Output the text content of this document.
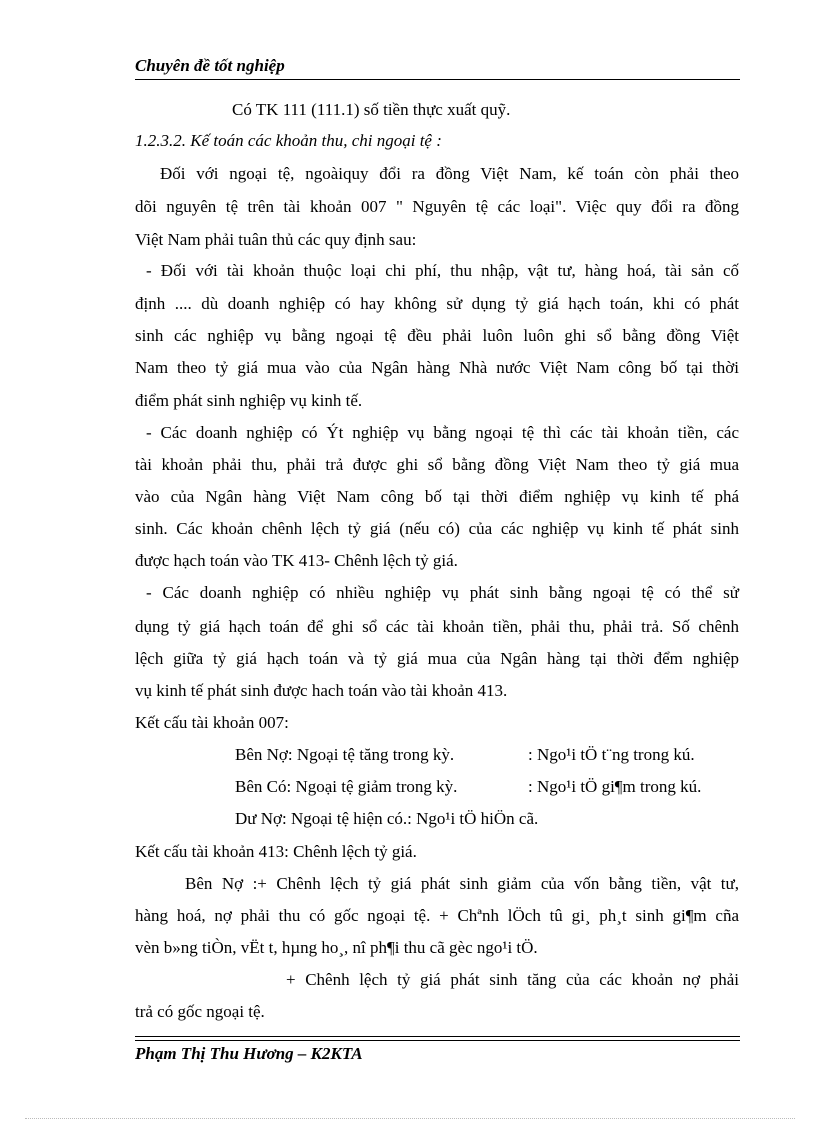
Chuyên đề tốt nghiệp
Có TK 111 (111.1) số tiền thực xuất quỹ.
1.2.3.2. Kế toán các khoản thu, chi ngoại tệ :
Đối với ngoại tệ, ngoàiquy đổi ra đồng Việt Nam, kế toán còn phải theo
dõi nguyên tệ trên tài khoản 007 " Nguyên tệ các loại". Việc quy đổi ra đồng
Việt Nam phải tuân thủ các quy định sau:
- Đối với tài khoản thuộc loại chi phí, thu nhập, vật tư, hàng hoá, tài sản cố
định .... dù doanh nghiệp có hay không sử dụng tỷ giá hạch toán, khi có phát
sinh các nghiệp vụ bằng ngoại tệ đều phải luôn luôn ghi sổ bằng đồng Việt
Nam theo tỷ giá mua vào của Ngân hàng Nhà nước Việt Nam công bố tại thời
điểm phát sinh nghiệp vụ kinh tế.
- Các doanh nghiệp có Ýt nghiệp vụ bằng ngoại tệ thì các tài khoản tiền, các
tài khoản phải thu, phải trả được ghi sổ bằng đồng Việt Nam theo tỷ giá mua
vào của Ngân hàng Việt Nam công bố tại thời điểm nghiệp vụ kinh tế phá
sinh. Các khoản chênh lệch tỷ giá (nếu có) của các nghiệp vụ kinh tế phát sinh
được hạch toán vào TK 413- Chênh lệch tỷ giá.
- Các doanh nghiệp có nhiều nghiệp vụ phát sinh bằng ngoại tệ có thể sử
dụng tỷ giá hạch toán để ghi sổ các tài khoản tiền, phải thu, phải trả. Số chênh
lệch giữa tỷ giá hạch toán và tỷ giá mua của Ngân hàng tại thời đểm nghiệp
vụ kinh tế phát sinh được hach toán vào tài khoản 413.
Kết cấu tài khoản 007:
Bên Nợ: Ngoại tệ tăng trong kỳ.	: Ngo¹i tÖ t¨ng trong kú.
Bên Có: Ngoại tệ giảm trong kỳ.	: Ngo¹i tÖ gi¶m trong kú.
Dư Nợ: Ngoại tệ hiện có.: Ngo¹i tÖ hiÖn cã.
Kết cấu tài khoản 413: Chênh lệch tỷ giá.
Bên Nợ :+ Chênh lệch tỷ giá phát sinh giảm của vốn bằng tiền, vật tư,
hàng hoá, nợ phải thu có gốc ngoại tệ. + Chªnh lÖch tû gi¸ ph¸t sinh gi¶m cña
vèn b»ng tiÒn, vËt t, hµng ho¸, nî ph¶i thu cã gèc ngo¹i tÖ.
+ Chênh lệch tỷ giá phát sinh tăng của các khoản nợ phải
trả có gốc ngoại tệ.
Phạm Thị Thu Hương – K2KTA
